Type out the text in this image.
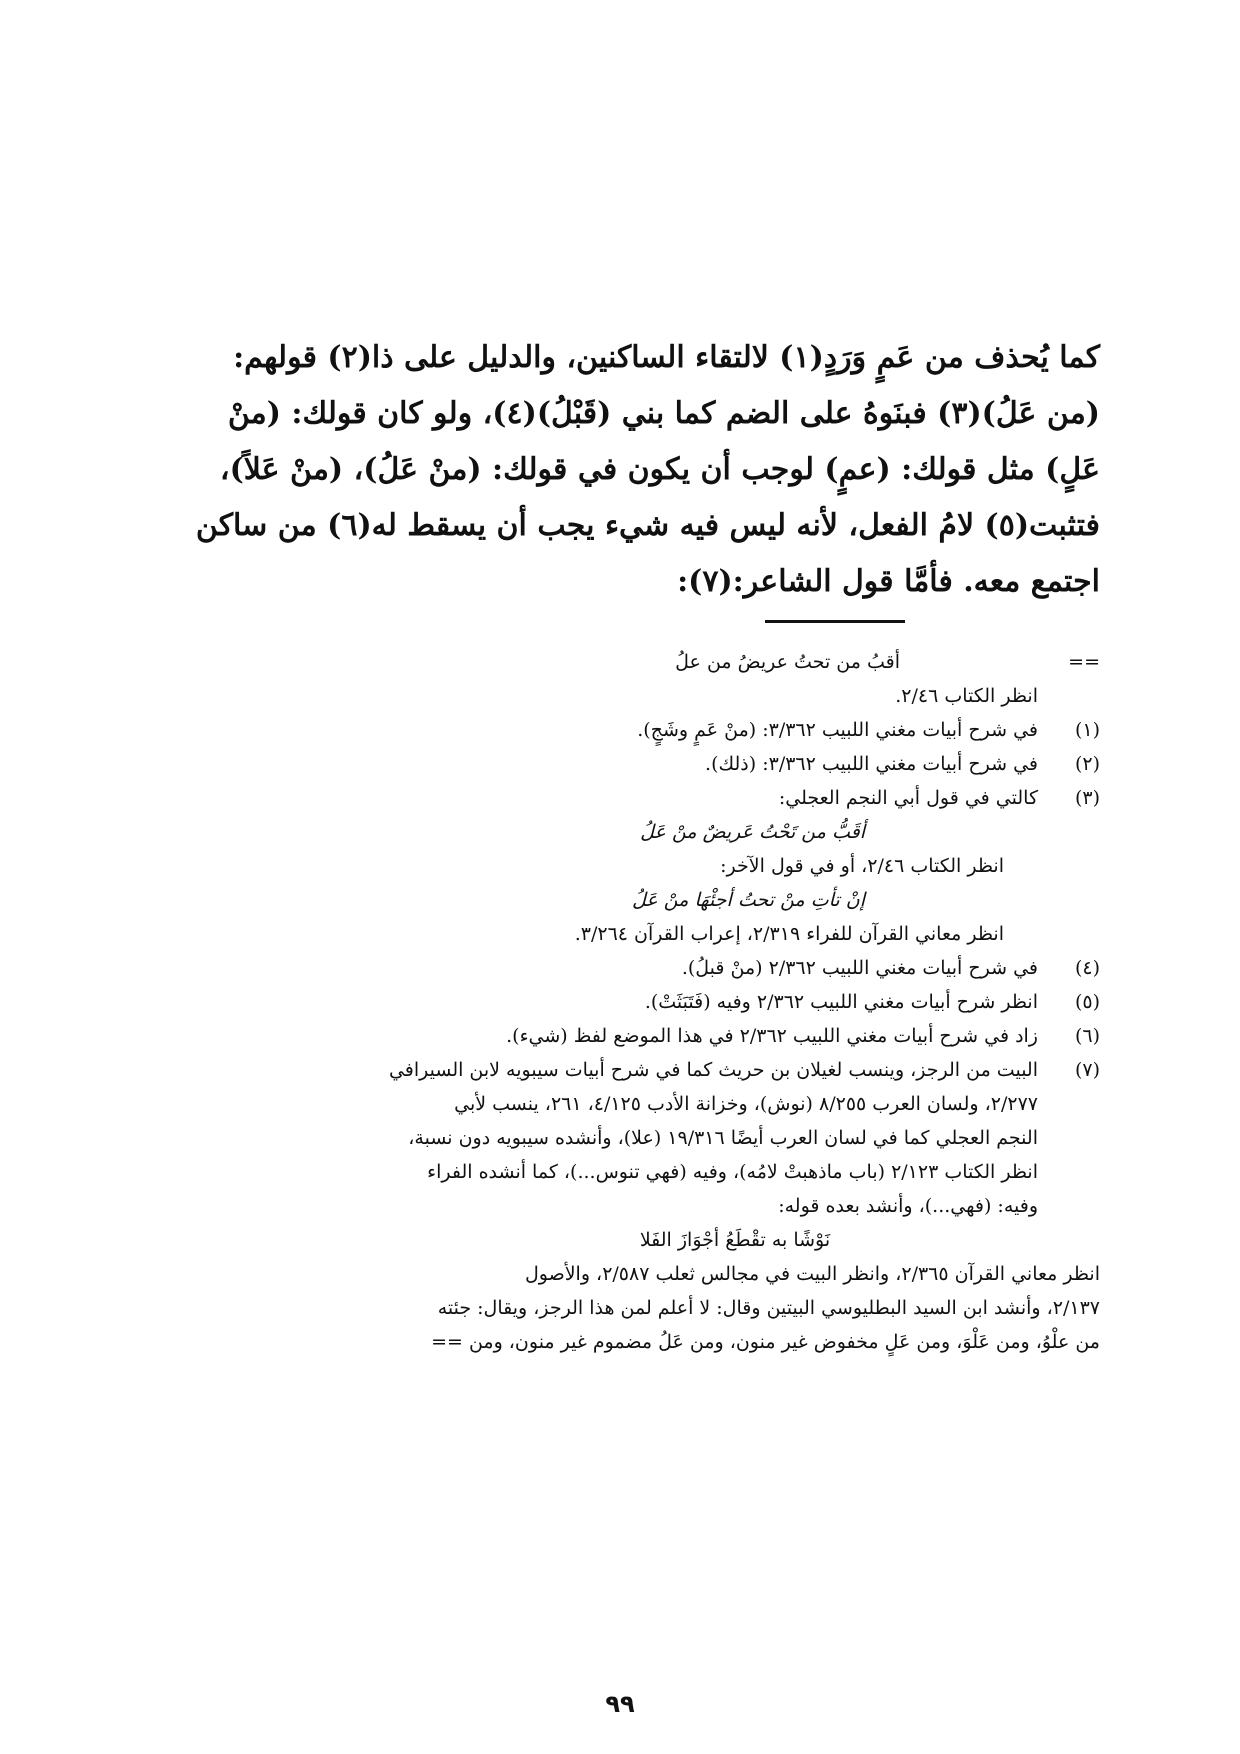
كما يُحذف من عَمٍ وَرَدٍ(١) لالتقاء الساكنين، والدليل على ذا(٢) قولهم:
(من عَلُ)(٣) فبنَوهُ على الضم كما بني (قَبْلُ)(٤)، ولو كان قولك: (منْ
عَلٍ) مثل قولك: (عمٍ) لوجب أن يكون في قولك: (منْ عَلُ)، (منْ عَلاً)،
فتثبت(٥) لامُ الفعل، لأنه ليس فيه شيء يجب أن يسقط له(٦) من ساكن
اجتمع معه. فأمَّا قول الشاعر:(٧):

==
أقبُ من تحتُ عريضُ من علُ
انظر الكتاب ٢/٤٦.
(١)
في شرح أبيات مغني اللبيب ٣/٣٦٢: (منْ عَمٍ وشَجٍ).
(٢)
في شرح أبيات مغني اللبيب ٣/٣٦٢: (ذلك).
(٣)
كالتي في قول أبي النجم العجلي:
أقَبُّ من تَحْتُ عَريضٌ منْ عَلُ
انظر الكتاب ٢/٤٦، أو في قول الآخر:
إنْ تأتِ منْ تحتُ أجئْهَا منْ عَلُ
انظر معاني القرآن للفراء ٢/٣١٩، إعراب القرآن ٣/٢٦٤.
(٤)
في شرح أبيات مغني اللبيب ٢/٣٦٢ (منْ قبلُ).
(٥)
انظر شرح أبيات مغني اللبيب ٢/٣٦٢ وفيه (فَتَبَثَتْ).
(٦)
زاد في شرح أبيات مغني اللبيب ٢/٣٦٢ في هذا الموضع لفظ (شيء).
(٧)
البيت من الرجز، وينسب لغيلان بن حريث كما في شرح أبيات سيبويه لابن السيرافي
٢/٢٧٧، ولسان العرب ٨/٢٥٥ (نوش)، وخزانة الأدب ٤/١٢٥، ٢٦١، ينسب لأبي
النجم العجلي كما في لسان العرب أيضًا ١٩/٣١٦ (علا)، وأنشده سيبويه دون نسبة،
انظر الكتاب ٢/١٢٣ (باب ماذهبتْ لامُه)، وفيه (فهي تنوس...)، كما أنشده الفراء
وفيه: (فهي...)، وأنشد بعده قوله:
نَوْشًا به تقْطَعُ أجْوَازَ الفَلا
انظر معاني القرآن ٢/٣٦٥، وانظر البيت في مجالس ثعلب ٢/٥٨٧، والأصول
٢/١٣٧، وأنشد ابن السيد البطليوسي البيتين وقال: لا أعلم لمن هذا الرجز، ويقال: جئته
من علْوُ، ومن عَلْوَ، ومن عَلٍ مخفوض غير منون، ومن عَلُ مضموم غير منون، ومن ==
٩٩
